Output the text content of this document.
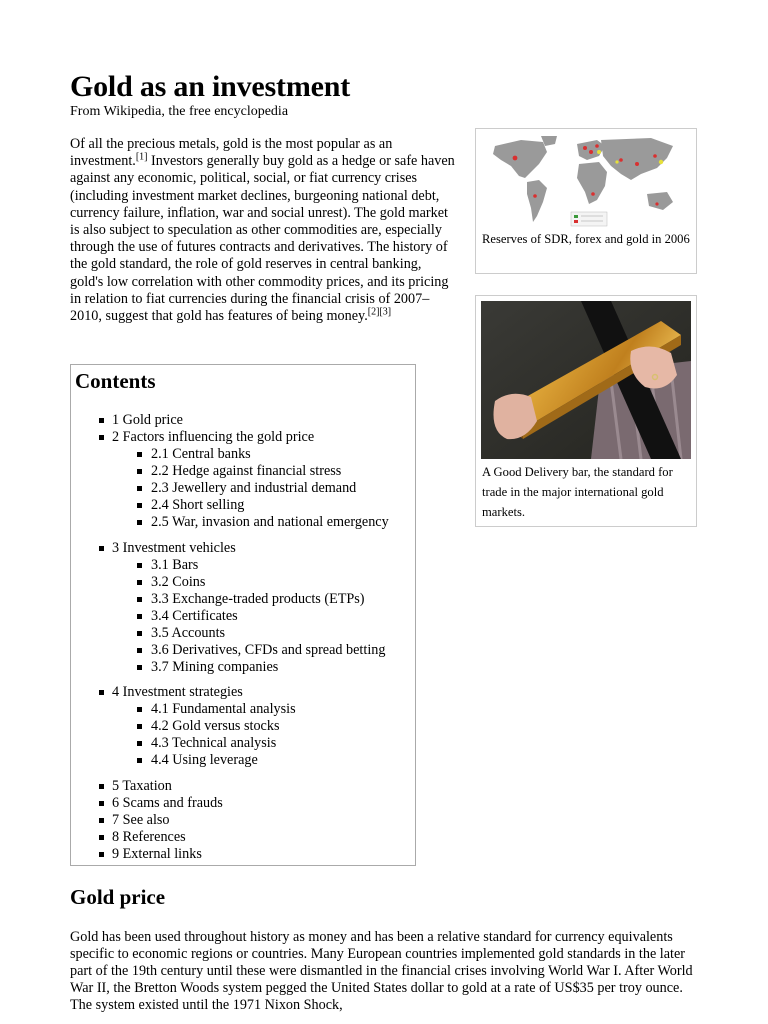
Gold as an investment
From Wikipedia, the free encyclopedia

Of all the precious metals, gold is the most popular as an investment.[1] Investors generally buy gold as a hedge or safe haven against any economic, political, social, or fiat currency crises (including investment market declines, burgeoning national debt, currency failure, inflation, war and social unrest). The gold market is also subject to speculation as other commodities are, especially through the use of futures contracts and derivatives. The history of the gold standard, the role of gold reserves in central banking, gold's low correlation with other commodity prices, and its pricing in relation to fiat currencies during the financial crisis of 2007–2010, suggest that gold has features of being money.[2][3]

Reserves of SDR, forex and gold in 2006
A Good Delivery bar, the standard for trade in the major international gold markets.
Contents
1 Gold price
2 Factors influencing the gold price
2.1 Central banks
2.2 Hedge against financial stress
2.3 Jewellery and industrial demand
2.4 Short selling
2.5 War, invasion and national emergency
3 Investment vehicles
3.1 Bars
3.2 Coins
3.3 Exchange-traded products (ETPs)
3.4 Certificates
3.5 Accounts
3.6 Derivatives, CFDs and spread betting
3.7 Mining companies
4 Investment strategies
4.1 Fundamental analysis
4.2 Gold versus stocks
4.3 Technical analysis
4.4 Using leverage
5 Taxation
6 Scams and frauds
7 See also
8 References
9 External links
Gold price

Gold has been used throughout history as money and has been a relative standard for currency equivalents specific to economic regions or countries. Many European countries implemented gold standards in the later part of the 19th century until these were dismantled in the financial crises involving World War I. After World War II, the Bretton Woods system pegged the United States dollar to gold at a rate of US$35 per troy ounce. The system existed until the 1971 Nixon Shock,
